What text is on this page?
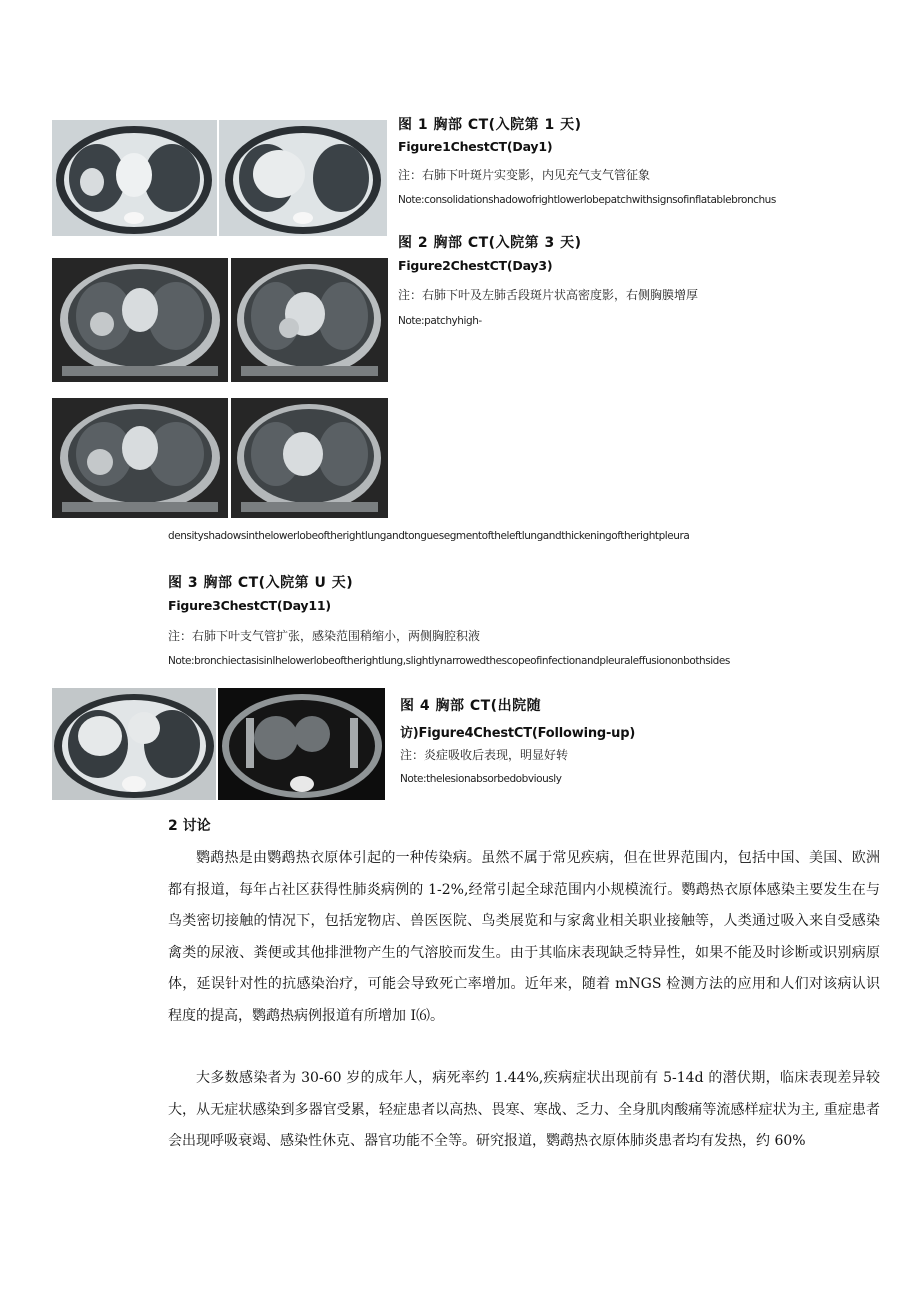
图 1 胸部 CT(入院第 1 天)
Figure1ChestCT(Day1)
注：右肺下叶斑片实变影，内见充气支气管征象
Note:consolidationshadowofrightlowerlobepatchwithsignsofinflatablebronchus
图 2 胸部 CT(入院第 3 天)
Figure2ChestCT(Day3)
注：右肺下叶及左肺舌段斑片状高密度影，右侧胸膜增厚
Note:patchyhigh-
densityshadowsinthelowerlobeoftherightlungandtonguesegmentoftheleftlungandthickeningoftherightpleura
图 3 胸部 CT(入院第 U 天)
Figure3ChestCT(Day11)
注：右肺下叶支气管扩张，感染范围稍缩小，两侧胸腔积液
Note:bronchiectasisinIhelowerlobeoftherightlung,slightlynarrowedthescopeofinfectionandpleuraleffusiononbothsides
图 4 胸部 CT(出院随
访)Figure4ChestCT(Following-up)
注：炎症吸收后表现，明显好转
Note:thelesionabsorbedobviously
2 讨论
鹦鹉热是由鹦鹉热衣原体引起的一种传染病。虽然不属于常见疾病，但在世界范围内，包括中国、美国、欧洲都有报道，每年占社区获得性肺炎病例的 1-2%,经常引起全球范围内小规模流行。鹦鹉热衣原体感染主要发生在与鸟类密切接触的情况下，包括宠物店、兽医医院、鸟类展览和与家禽业相关职业接触等，人类通过吸入来自受感染禽类的尿液、粪便或其他排泄物产生的气溶胶而发生。由于其临床表现缺乏特异性，如果不能及时诊断或识别病原体，延误针对性的抗感染治疗，可能会导致死亡率增加。近年来，随着 mNGS 检测方法的应用和人们对该病认识程度的提高，鹦鹉热病例报道有所增加 I⑹。
大多数感染者为 30-60 岁的成年人，病死率约 1.44%,疾病症状出现前有 5-14d 的潜伏期，临床表现差异较大，从无症状感染到多器官受累，轻症患者以高热、畏寒、寒战、乏力、全身肌肉酸痛等流感样症状为主, 重症患者会出现呼吸衰竭、感染性休克、器官功能不全等。研究报道，鹦鹉热衣原体肺炎患者均有发热，约 60%
